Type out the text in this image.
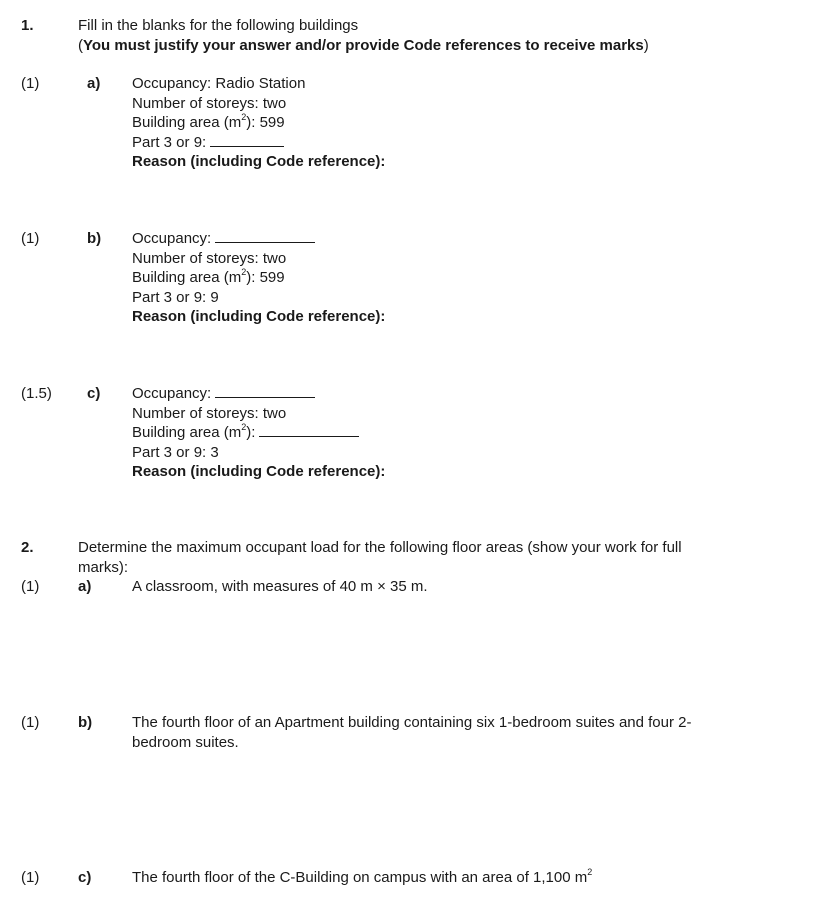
1.	Fill in the blanks for the following buildings
(You must justify your answer and/or provide Code references to receive marks)
(1)	a) Occupancy: Radio Station
Number of storeys: two
Building area $(m^2)$: 599
Part 3 or 9:
Reason (including Code reference):
(1)	b) Occupancy:
Number of storeys: two
Building area $(m^2)$: 599
Part 3 or 9: 9
Reason (including Code reference):
(1.5) c) Occupancy:
Number of storeys: two
Building area $(m^2)$:
Part 3 or 9: 3
Reason (including Code reference):
2.	Determine the maximum occupant load for the following floor areas (show your work for full
marks):
(1)	a)	A classroom, with measures of 40 m × 35 m.
(1)	b)	The fourth floor of an Apartment building containing six 1-bedroom suites and four 2-
bedroom suites.
(1)	c)	The fourth floor of the C-Building on campus with an area of 1,100 $m^2$
